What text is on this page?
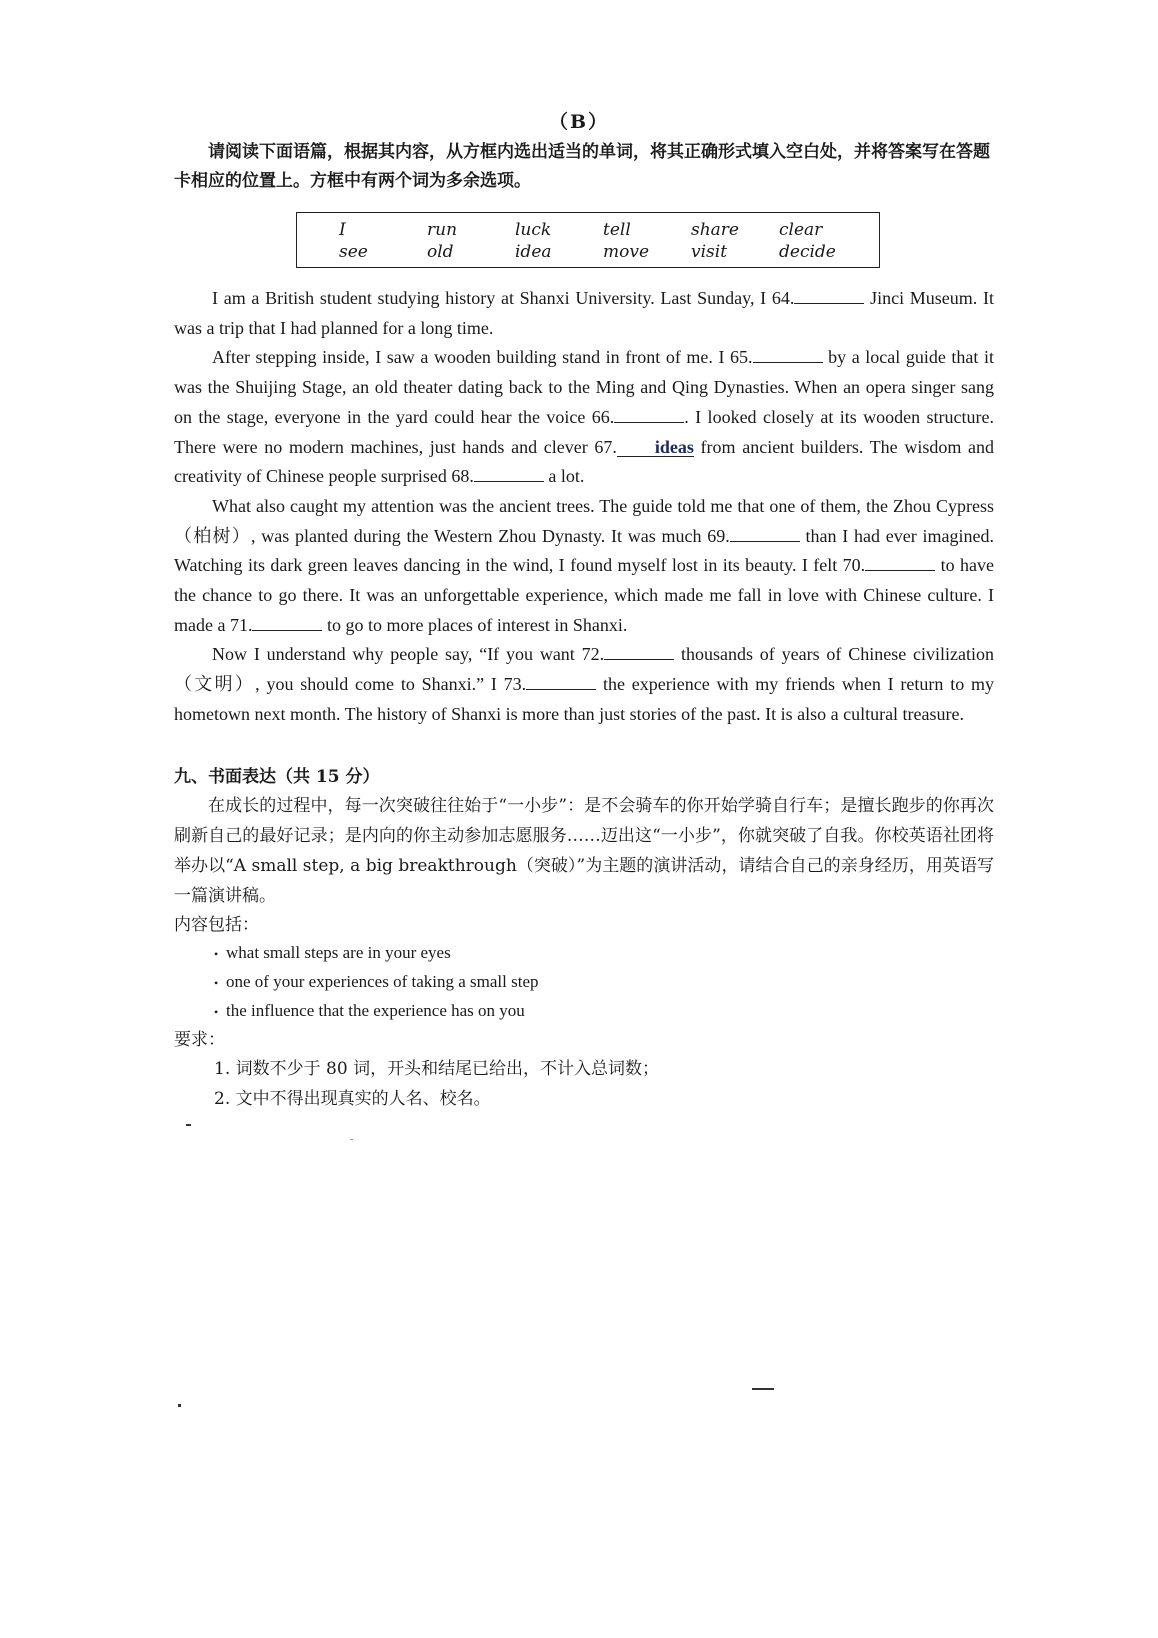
（B）
请阅读下面语篇，根据其内容，从方框内选出适当的单词，将其正确形式填入空白处，并将答案写在答题卡相应的位置上。方框中有两个词为多余选项。
I	run	luck	tell	share	clear
see	old	idea	move	visit	decide

I am a British student studying history at Shanxi University. Last Sunday, I 64.	Jinci Museum. It was a trip that I had planned for a long time.

After stepping inside, I saw a wooden building stand in front of me. I 65.	by a local guide that it was the Shuijing Stage, an old theater dating back to the Ming and Qing Dynasties. When an opera singer sang on the stage, everyone in the yard could hear the voice 66.	. I looked closely at its wooden structure. There were no modern machines, just hands and clever 67. ideas from ancient builders. The wisdom and creativity of Chinese people surprised 68.	a lot.

What also caught my attention was the ancient trees. The guide told me that one of them, the Zhou Cypress（柏树）, was planted during the Western Zhou Dynasty. It was much 69.	than I had ever imagined. Watching its dark green leaves dancing in the wind, I found myself lost in its beauty. I felt 70.	to have the chance to go there. It was an unforgettable experience, which made me fall in love with Chinese culture. I made a 71.	to go to more places of interest in Shanxi.

Now I understand why people say, “If you want 72.	thousands of years of Chinese civilization（文明）, you should come to Shanxi.” I 73.	the experience with my friends when I return to my hometown next month. The history of Shanxi is more than just stories of the past. It is also a cultural treasure.

九、书面表达（共 15 分）

在成长的过程中，每一次突破往往始于“一小步”：是不会骑车的你开始学骑自行车；是擅长跑步的你再次刷新自己的最好记录；是内向的你主动参加志愿服务……迈出这“一小步”，你就突破了自我。你校英语社团将举办以“A small step, a big breakthrough（突破）”为主题的演讲活动，请结合自己的亲身经历，用英语写一篇演讲稿。

内容包括：
• what small steps are in your eyes
• one of your experiences of taking a small step
• the influence that the experience has on you
要求：
1. 词数不少于 80 词，开头和结尾已给出，不计入总词数；
2. 文中不得出现真实的人名、校名。
